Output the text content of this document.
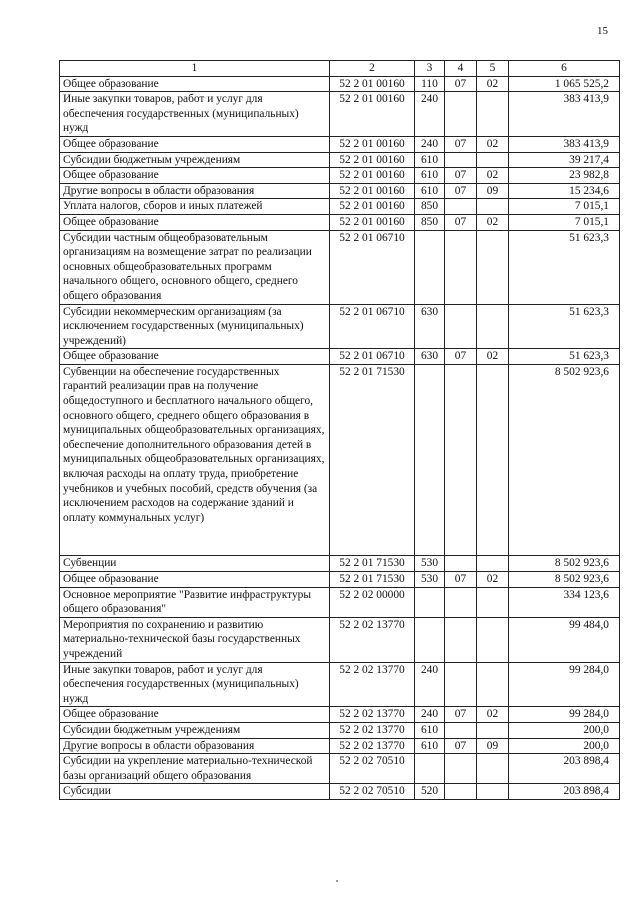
15
1	2	3	4	5	6
Общее образование	52 2 01 00160	110	07	02	1 065 525,2
Иные закупки товаров, работ и услуг для обеспечения государственных (муниципальных) нужд	52 2 01 00160	240			383 413,9
Общее образование	52 2 01 00160	240	07	02	383 413,9
Субсидии бюджетным учреждениям	52 2 01 00160	610			39 217,4
Общее образование	52 2 01 00160	610	07	02	23 982,8
Другие вопросы в области образования	52 2 01 00160	610	07	09	15 234,6
Уплата налогов, сборов и иных платежей	52 2 01 00160	850			7 015,1
Общее образование	52 2 01 00160	850	07	02	7 015,1
Субсидии частным общеобразовательным организациям на возмещение затрат по реализации основных общеобразовательных программ начального общего, основного общего, среднего общего образования	52 2 01 06710				51 623,3
Субсидии некоммерческим организациям (за исключением государственных (муниципальных) учреждений)	52 2 01 06710	630			51 623,3
Общее образование	52 2 01 06710	630	07	02	51 623,3
Субвенции на обеспечение государственных гарантий реализации прав на получение общедоступного и бесплатного начального общего, основного общего, среднего общего образования в муниципальных общеобразовательных организациях, обеспечение дополнительного образования детей в муниципальных общеобразовательных организациях, включая расходы на оплату труда, приобретение учебников и учебных пособий, средств обучения (за исключением расходов на содержание зданий и оплату коммунальных услуг)	52 2 01 71530				8 502 923,6
Субвенции	52 2 01 71530	530			8 502 923,6
Общее образование	52 2 01 71530	530	07	02	8 502 923,6
Основное мероприятие "Развитие инфраструктуры общего образования"	52 2 02 00000				334 123,6
Мероприятия по сохранению и развитию материально-технической базы государственных учреждений	52 2 02 13770				99 484,0
Иные закупки товаров, работ и услуг для обеспечения государственных (муниципальных) нужд	52 2 02 13770	240			99 284,0
Общее образование	52 2 02 13770	240	07	02	99 284,0
Субсидии бюджетным учреждениям	52 2 02 13770	610			200,0
Другие вопросы в области образования	52 2 02 13770	610	07	09	200,0
Субсидии на укрепление материально-технической базы организаций общего образования	52 2 02 70510				203 898,4
Субсидии	52 2 02 70510	520			203 898,4
